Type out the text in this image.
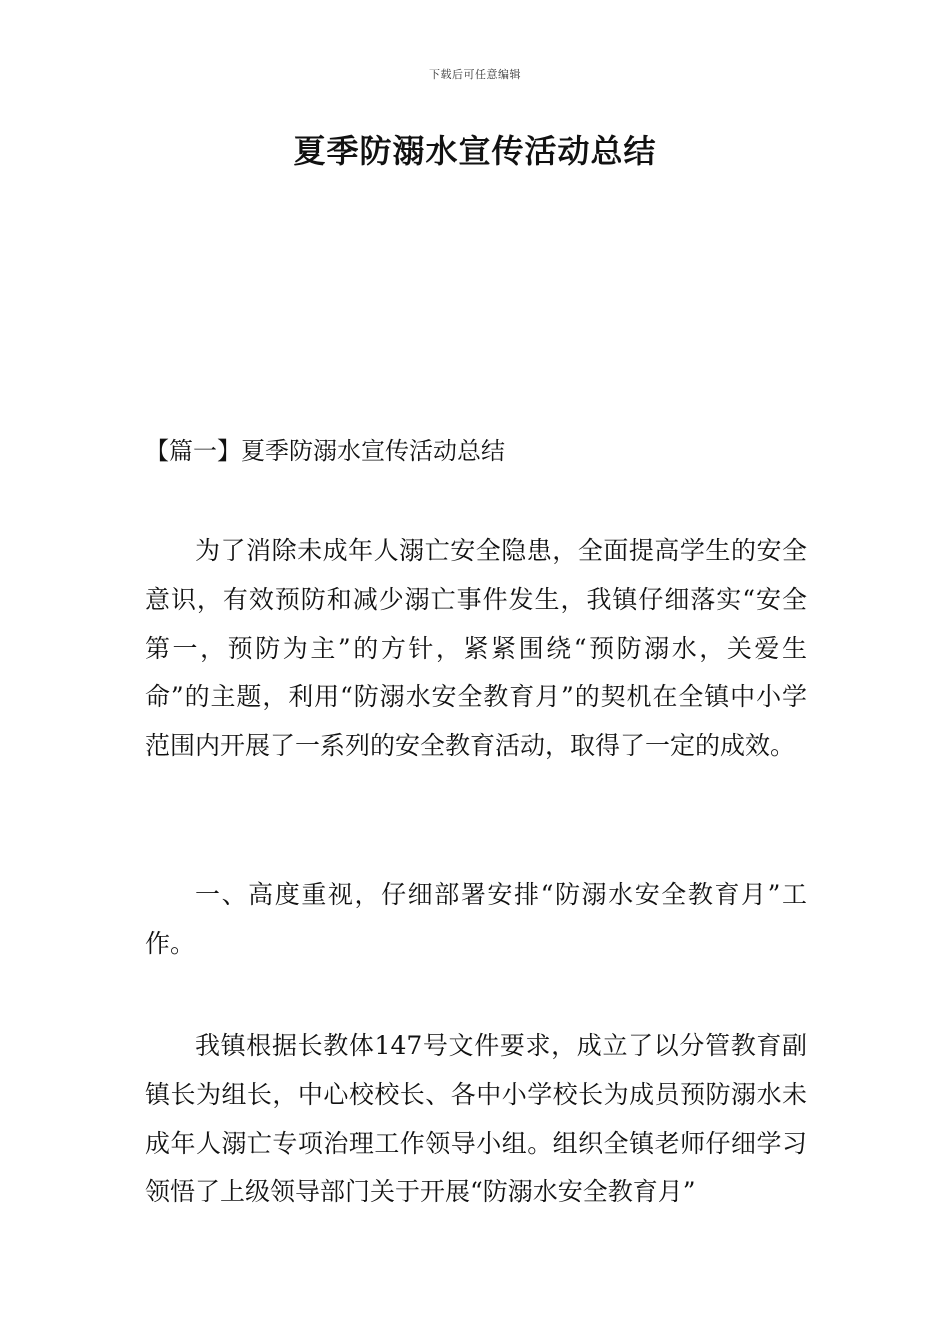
下载后可任意编辑
夏季防溺水宣传活动总结
【篇一】夏季防溺水宣传活动总结

为了消除未成年人溺亡安全隐患，全面提高学生的安全意识，有效预防和减少溺亡事件发生，我镇仔细落实“安全第一，预防为主”的方针，紧紧围绕“预防溺水，关爱生命”的主题，利用“防溺水安全教育月”的契机在全镇中小学范围内开展了一系列的安全教育活动，取得了一定的成效。

一、高度重视，仔细部署安排“防溺水安全教育月”工作。

我镇根据长教体147号文件要求，成立了以分管教育副镇长为组长，中心校校长、各中小学校长为成员预防溺水未成年人溺亡专项治理工作领导小组。组织全镇老师仔细学习领悟了上级领导部门关于开展“防溺水安全教育月”
